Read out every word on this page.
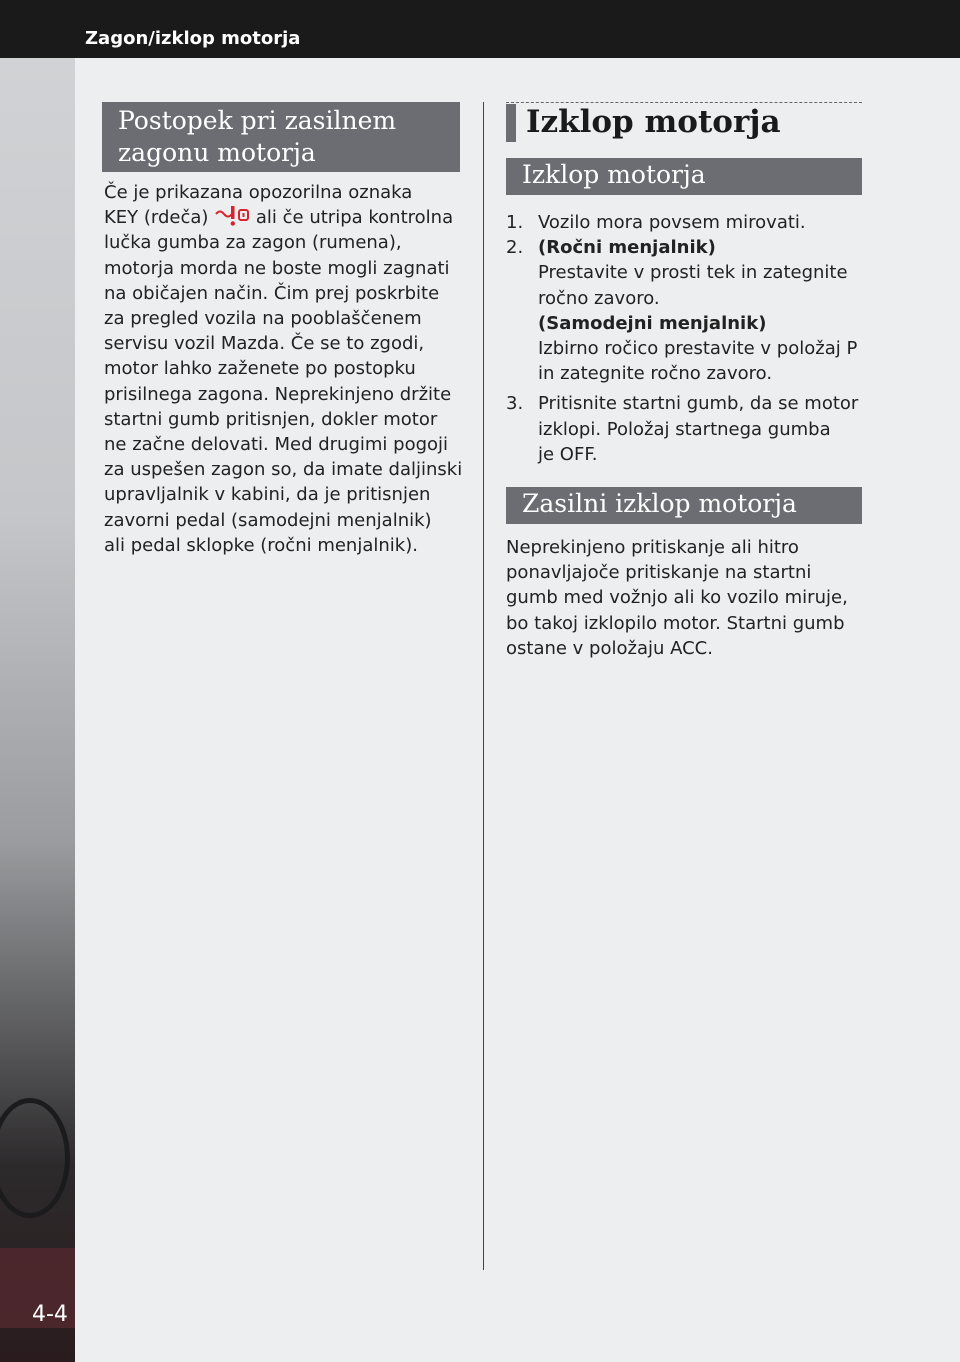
Zagon/izklop motorja
4-4
Postopek pri zasilnem
zagonu motorja

Če je prikazana opozorilna oznaka
KEY (rdeča)	ali če utripa kontrolna
lučka gumba za zagon (rumena),
motorja morda ne boste mogli zagnati
na običajen način. Čim prej poskrbite
za pregled vozila na pooblaščenem
servisu vozil Mazda. Če se to zgodi,
motor lahko zaženete po postopku
prisilnega zagona. Neprekinjeno držite
startni gumb pritisnjen, dokler motor
ne začne delovati. Med drugimi pogoji
za uspešen zagon so, da imate daljinski
upravljalnik v kabini, da je pritisnjen
zavorni pedal (samodejni menjalnik)
ali pedal sklopke (ročni menjalnik).

Izklop motorja
Izklop motorja
1. Vozilo mora povsem mirovati.
2. (Ročni menjalnik)
Prestavite v prosti tek in zategnite
ročno zavoro.
(Samodejni menjalnik)
Izbirno ročico prestavite v položaj P
in zategnite ročno zavoro.
3. Pritisnite startni gumb, da se motor
izklopi. Položaj startnega gumba
je OFF.
Zasilni izklop motorja

Neprekinjeno pritiskanje ali hitro
ponavljajoče pritiskanje na startni
gumb med vožnjo ali ko vozilo miruje,
bo takoj izklopilo motor. Startni gumb
ostane v položaju ACC.
